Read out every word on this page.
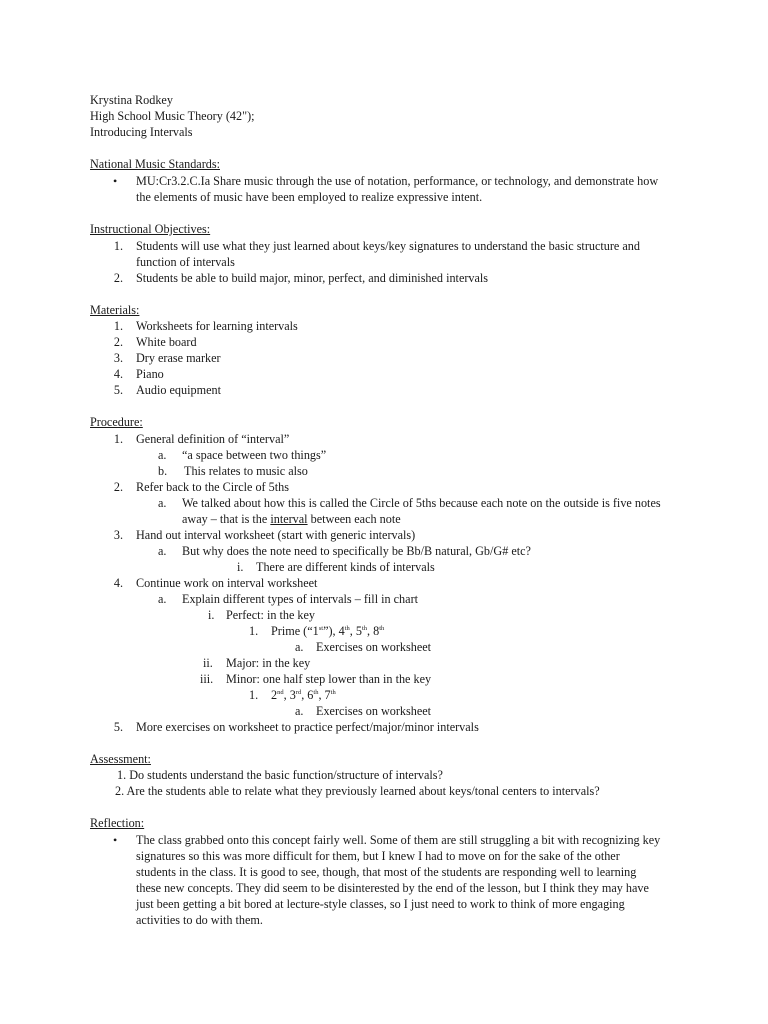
Krystina Rodkey
High School Music Theory (42");
Introducing Intervals
National Music Standards:
• MU:Cr3.2.C.Ia Share music through the use of notation, performance, or technology, and demonstrate how
the elements of music have been employed to realize expressive intent.
Instructional Objectives:
1. Students will use what they just learned about keys/key signatures to understand the basic structure and
function of intervals
2. Students be able to build major, minor, perfect, and diminished intervals
Materials:
1. Worksheets for learning intervals
2. White board
3. Dry erase marker
4. Piano
5. Audio equipment
Procedure:
1. General definition of “interval”
a. “a space between two things”
b. This relates to music also
2. Refer back to the Circle of 5ths
a. We talked about how this is called the Circle of 5ths because each note on the outside is five notes
away – that is the interval between each note
3. Hand out interval worksheet (start with generic intervals)
a. But why does the note need to specifically be Bb/B natural, Gb/G# etc?
i. There are different kinds of intervals
4. Continue work on interval worksheet
a. Explain different types of intervals – fill in chart
i. Perfect: in the key
1. Prime (“1st”), 4th, 5th, 8th
a. Exercises on worksheet
ii. Major: in the key
iii. Minor: one half step lower than in the key
1. 2nd, 3rd, 6th, 7th
a. Exercises on worksheet
5. More exercises on worksheet to practice perfect/major/minor intervals
Assessment:
1. Do students understand the basic function/structure of intervals?
2. Are the students able to relate what they previously learned about keys/tonal centers to intervals?
Reflection:
• The class grabbed onto this concept fairly well. Some of them are still struggling a bit with recognizing key
signatures so this was more difficult for them, but I knew I had to move on for the sake of the other
students in the class. It is good to see, though, that most of the students are responding well to learning
these new concepts. They did seem to be disinterested by the end of the lesson, but I think they may have
just been getting a bit bored at lecture-style classes, so I just need to work to think of more engaging
activities to do with them.
